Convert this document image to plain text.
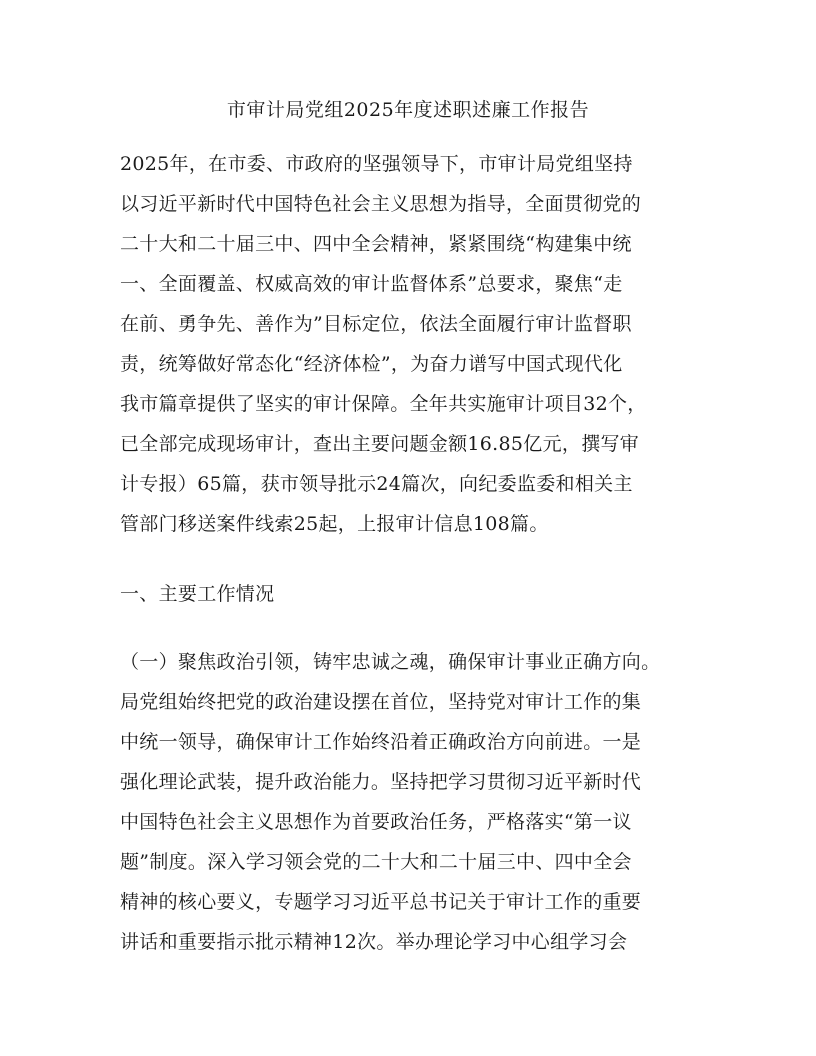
市审计局党组2025年度述职述廉工作报告
2025年，在市委、市政府的坚强领导下，市审计局党组坚持
以习近平新时代中国特色社会主义思想为指导，全面贯彻党的
二十大和二十届三中、四中全会精神，紧紧围绕“构建集中统
一、全面覆盖、权威高效的审计监督体系”总要求，聚焦“走
在前、勇争先、善作为”目标定位，依法全面履行审计监督职
责，统筹做好常态化“经济体检”，为奋力谱写中国式现代化
我市篇章提供了坚实的审计保障。全年共实施审计项目32个，
已全部完成现场审计，查出主要问题金额16.85亿元，撰写审
计专报）65篇，获市领导批示24篇次，向纪委监委和相关主
管部门移送案件线索25起，上报审计信息108篇。
一、主要工作情况
（一）聚焦政治引领，铸牢忠诚之魂，确保审计事业正确方向。
局党组始终把党的政治建设摆在首位，坚持党对审计工作的集
中统一领导，确保审计工作始终沿着正确政治方向前进。一是
强化理论武装，提升政治能力。坚持把学习贯彻习近平新时代
中国特色社会主义思想作为首要政治任务，严格落实“第一议
题”制度。深入学习领会党的二十大和二十届三中、四中全会
精神的核心要义，专题学习习近平总书记关于审计工作的重要
讲话和重要指示批示精神12次。举办理论学习中心组学习会
